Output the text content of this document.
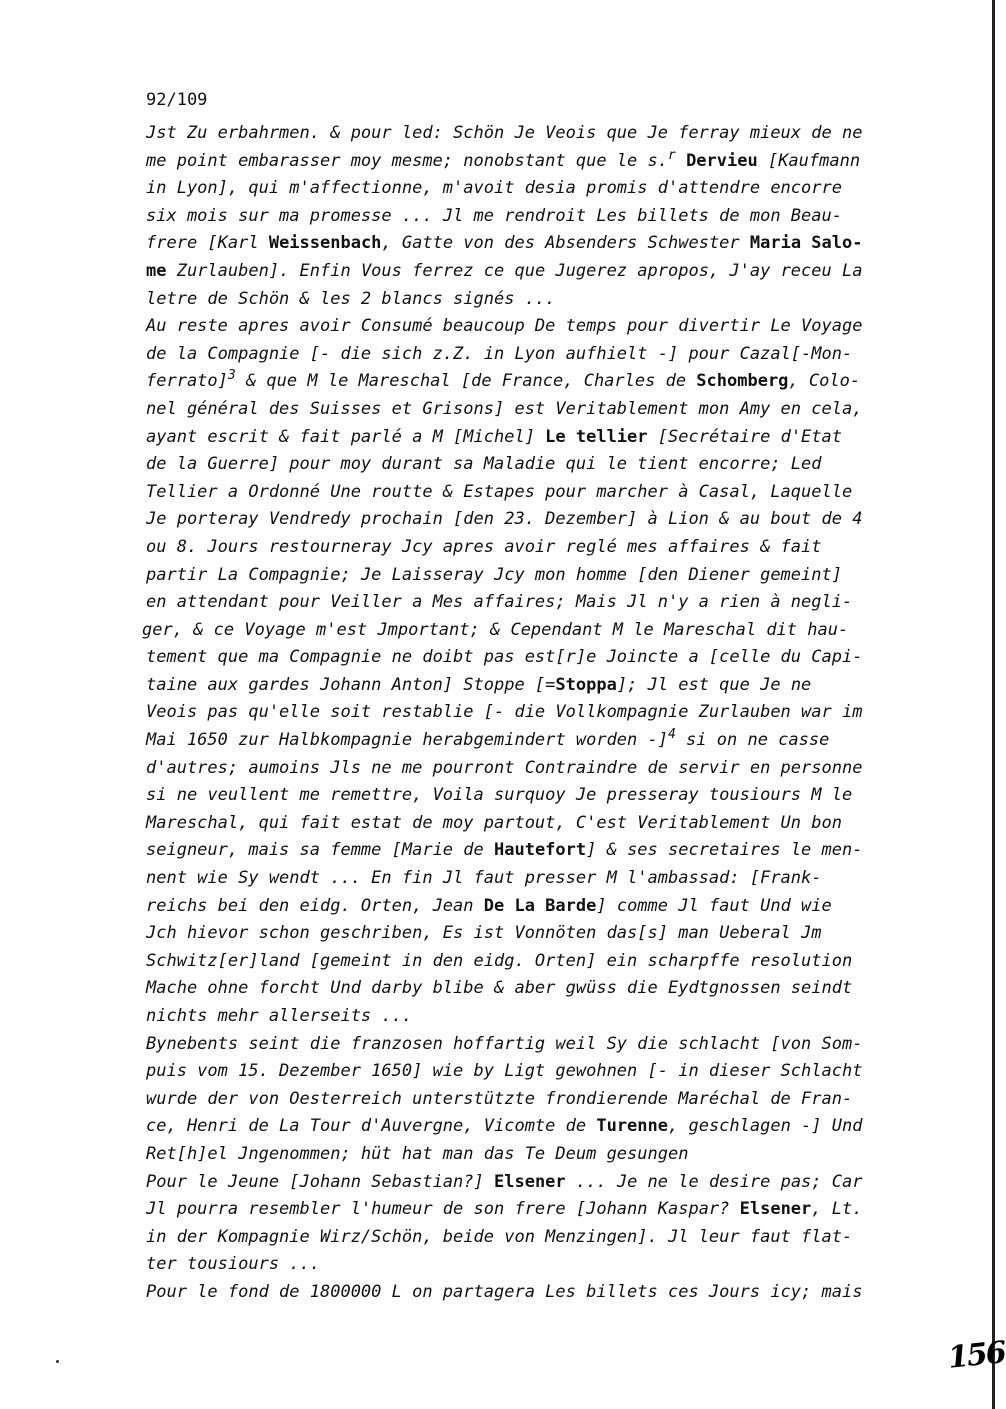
92/109
Jst Zu erbahrmen. & pour led: Schön Je Veois que Je ferray mieux de ne
me point embarasser moy mesme; nonobstant que le s.$^r$ Dervieu [Kaufmann
in Lyon], qui m'affectionne, m'avoit desia promis d'attendre encorre
six mois sur ma promesse ... Jl me rendroit Les billets de mon Beau-
frere [Karl Weissenbach, Gatte von des Absenders Schwester Maria Salo-
me Zurlauben]. Enfin Vous ferrez ce que Jugerez apropos, J'ay receu La
letre de Schön & les 2 blancs signés ...
Au reste apres avoir Consumé beaucoup De temps pour divertir Le Voyage
de la Compagnie [- die sich z.Z. in Lyon aufhielt -] pour Cazal[-Mon-
ferrato]$^3$ & que M le Mareschal [de France, Charles de Schomberg, Colo-
nel général des Suisses et Grisons] est Veritablement mon Amy en cela,
ayant escrit & fait parlé a M [Michel] Le tellier [Secrétaire d'Etat
de la Guerre] pour moy durant sa Maladie qui le tient encorre; Led
Tellier a Ordonné Une routte & Estapes pour marcher à Casal, Laquelle
Je porteray Vendredy prochain [den 23. Dezember] à Lion & au bout de 4
ou 8. Jours restourneray Jcy apres avoir reglé mes affaires & fait
partir La Compagnie; Je Laisseray Jcy mon homme [den Diener gemeint]
en attendant pour Veiller a Mes affaires; Mais Jl n'y a rien à negli-
ger, & ce Voyage m'est Jmportant; & Cependant M le Mareschal dit hau-
tement que ma Compagnie ne doibt pas est[r]e Joincte a [celle du Capi-
taine aux gardes Johann Anton] Stoppe [=Stoppa]; Jl est que Je ne
Veois pas qu'elle soit restablie [- die Vollkompagnie Zurlauben war im
Mai 1650 zur Halbkompagnie herabgemindert worden -]$^4$ si on ne casse
d'autres; aumoins Jls ne me pourront Contraindre de servir en personne
si ne veullent me remettre, Voila surquoy Je presseray tousiours M le
Mareschal, qui fait estat de moy partout, C'est Veritablement Un bon
seigneur, mais sa femme [Marie de Hautefort] & ses secretaires le men-
nent wie Sy wendt ... En fin Jl faut presser M l'ambassad: [Frank-
reichs bei den eidg. Orten, Jean De La Barde] comme Jl faut Und wie
Jch hievor schon geschriben, Es ist Vonnöten das[s] man Ueberal Jm
Schwitz[er]land [gemeint in den eidg. Orten] ein scharpffe resolution
Mache ohne forcht Und darby blibe & aber gwüss die Eydtgnossen seindt
nichts mehr allerseits ...
Bynebents seint die franzosen hoffartig weil Sy die schlacht [von Som-
puis vom 15. Dezember 1650] wie by Ligt gewohnen [- in dieser Schlacht
wurde der von Oesterreich unterstützte frondierende Maréchal de Fran-
ce, Henri de La Tour d'Auvergne, Vicomte de Turenne, geschlagen -] Und
Ret[h]el Jngenommen; hüt hat man das Te Deum gesungen
Pour le Jeune [Johann Sebastian?] Elsener ... Je ne le desire pas; Car
Jl pourra resembler l'humeur de son frere [Johann Kaspar? Elsener, Lt.
in der Kompagnie Wirz/Schön, beide von Menzingen]. Jl leur faut flat-
ter tousiours ...
Pour le fond de 1800000 L on partagera Les billets ces Jours icy; mais
156
